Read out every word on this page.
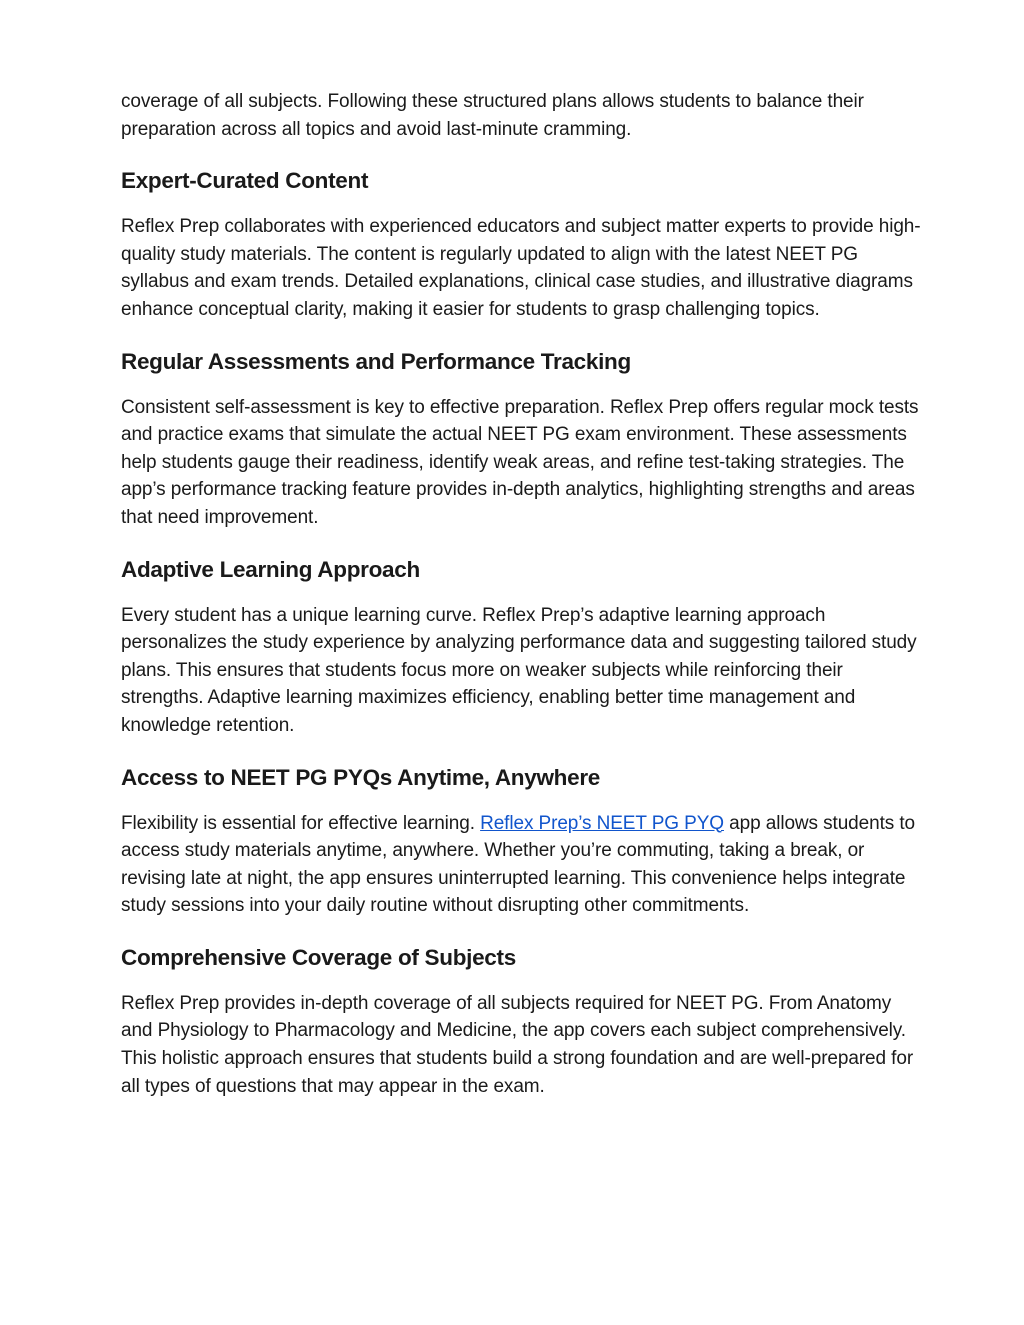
coverage of all subjects. Following these structured plans allows students to balance their preparation across all topics and avoid last-minute cramming.

Expert-Curated Content

Reflex Prep collaborates with experienced educators and subject matter experts to provide high-quality study materials. The content is regularly updated to align with the latest NEET PG syllabus and exam trends. Detailed explanations, clinical case studies, and illustrative diagrams enhance conceptual clarity, making it easier for students to grasp challenging topics.

Regular Assessments and Performance Tracking

Consistent self-assessment is key to effective preparation. Reflex Prep offers regular mock tests and practice exams that simulate the actual NEET PG exam environment. These assessments help students gauge their readiness, identify weak areas, and refine test-taking strategies. The app’s performance tracking feature provides in-depth analytics, highlighting strengths and areas that need improvement.

Adaptive Learning Approach

Every student has a unique learning curve. Reflex Prep’s adaptive learning approach personalizes the study experience by analyzing performance data and suggesting tailored study plans. This ensures that students focus more on weaker subjects while reinforcing their strengths. Adaptive learning maximizes efficiency, enabling better time management and knowledge retention.

Access to NEET PG PYQs Anytime, Anywhere

Flexibility is essential for effective learning. Reflex Prep’s NEET PG PYQ app allows students to access study materials anytime, anywhere. Whether you’re commuting, taking a break, or revising late at night, the app ensures uninterrupted learning. This convenience helps integrate study sessions into your daily routine without disrupting other commitments.

Comprehensive Coverage of Subjects

Reflex Prep provides in-depth coverage of all subjects required for NEET PG. From Anatomy and Physiology to Pharmacology and Medicine, the app covers each subject comprehensively. This holistic approach ensures that students build a strong foundation and are well-prepared for all types of questions that may appear in the exam.
